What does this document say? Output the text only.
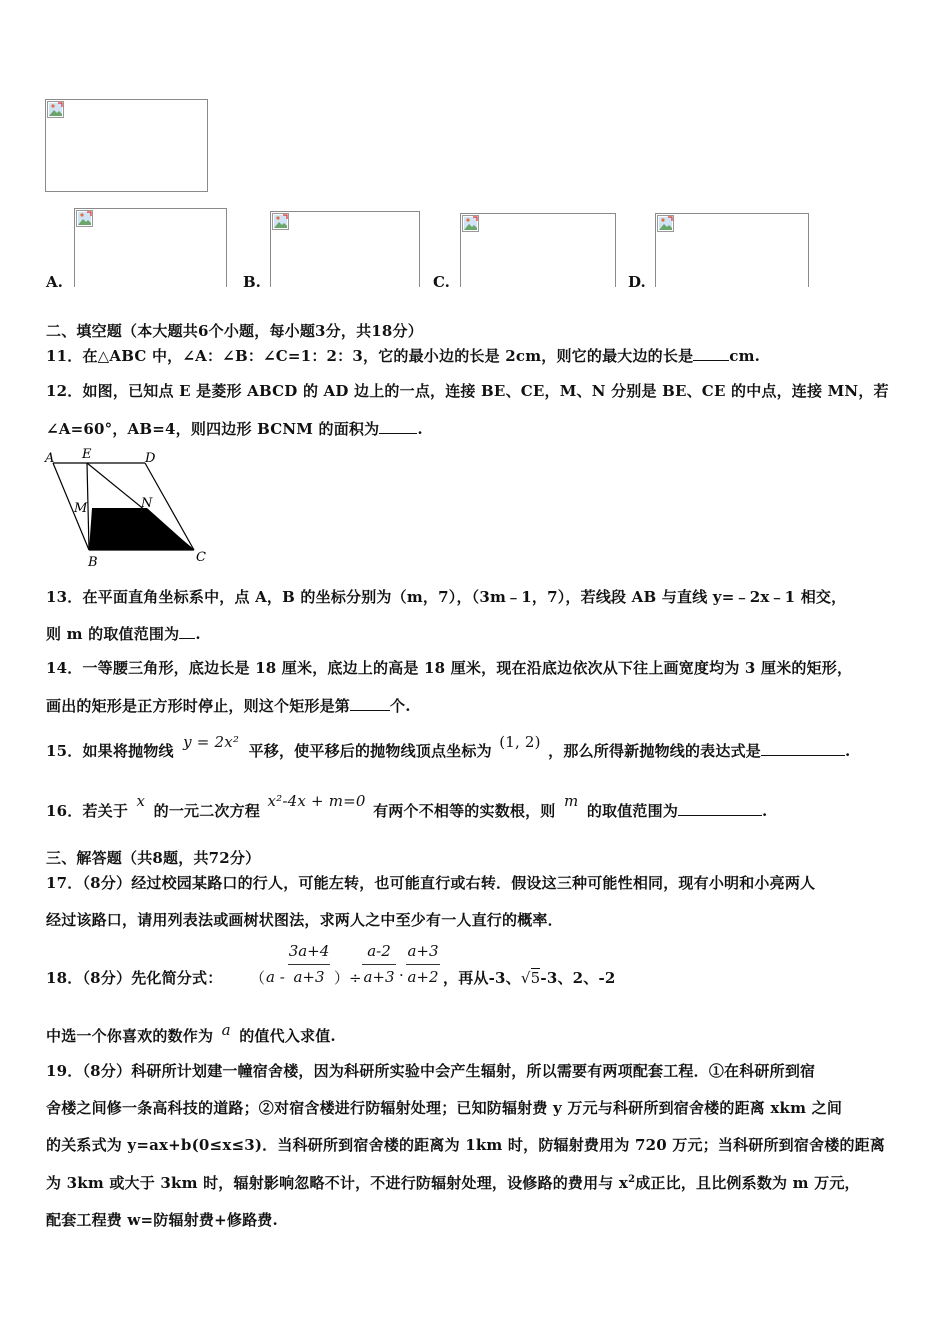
A.	B.	C.	D.
二、填空题（本大题共6个小题，每小题3分，共18分）
11．在△ABC 中，∠A：∠B：∠C=1：2：3，它的最小边的长是 2cm，则它的最大边的长是 cm.
12．如图，已知点 E 是菱形 ABCD 的 AD 边上的一点，连接 BE、CE，M、N 分别是 BE、CE 的中点，连接 MN，若
∠A=60°，AB=4，则四边形 BCNM 的面积为	.
A E	D
M	N
B	C
13．在平面直角坐标系中，点 A，B 的坐标分别为（m，7），（3m﹣1，7），若线段 AB 与直线 y=﹣2x﹣1 相交，
则 m 的取值范围为 .
14．一等腰三角形，底边长是 18 厘米，底边上的高是 18 厘米，现在沿底边依次从下往上画宽度均为 3 厘米的矩形，
画出的矩形是正方形时停止，则这个矩形是第	个.
15．如果将抛物线 y = 2x² 平移，使平移后的抛物线顶点坐标为 (1, 2) ，那么所得新抛物线的表达式是	.
16．若关于 x 的一元二次方程 x²-4x + m=0 有两个不相等的实数根，则 m 的取值范围为	.
三、解答题（共8题，共72分）
17．（8分）经过校园某路口的行人，可能左转，也可能直行或右转．假设这三种可能性相同，现有小明和小亮两人
经过该路口，请用列表法或画树状图法，求两人之中至少有一人直行的概率．
18．（8分）先化简分式： （ a -
3a+4
a+3 ）÷
a-2
a+3 ·
a+3
a+2 ，再从-3、√5-3、2、-2
中选一个你喜欢的数作为 a 的值代入求值.
19．（8分）科研所计划建一幢宿舍楼，因为科研所实验中会产生辐射，所以需要有两项配套工程．①在科研所到宿
舍楼之间修一条高科技的道路；②对宿含楼进行防辐射处理；已知防辐射费 y 万元与科研所到宿舍楼的距离 xkm 之间
的关系式为 y=ax+b(0≤x≤3)．当科研所到宿舍楼的距离为 1km 时，防辐射费用为 720 万元；当科研所到宿舍楼的距离
为 3km 或大于 3km 时，辐射影响忽略不计，不进行防辐射处理，设修路的费用与 $x^2$成正比，且比例系数为 m 万元，
配套工程费 w=防辐射费+修路费.
